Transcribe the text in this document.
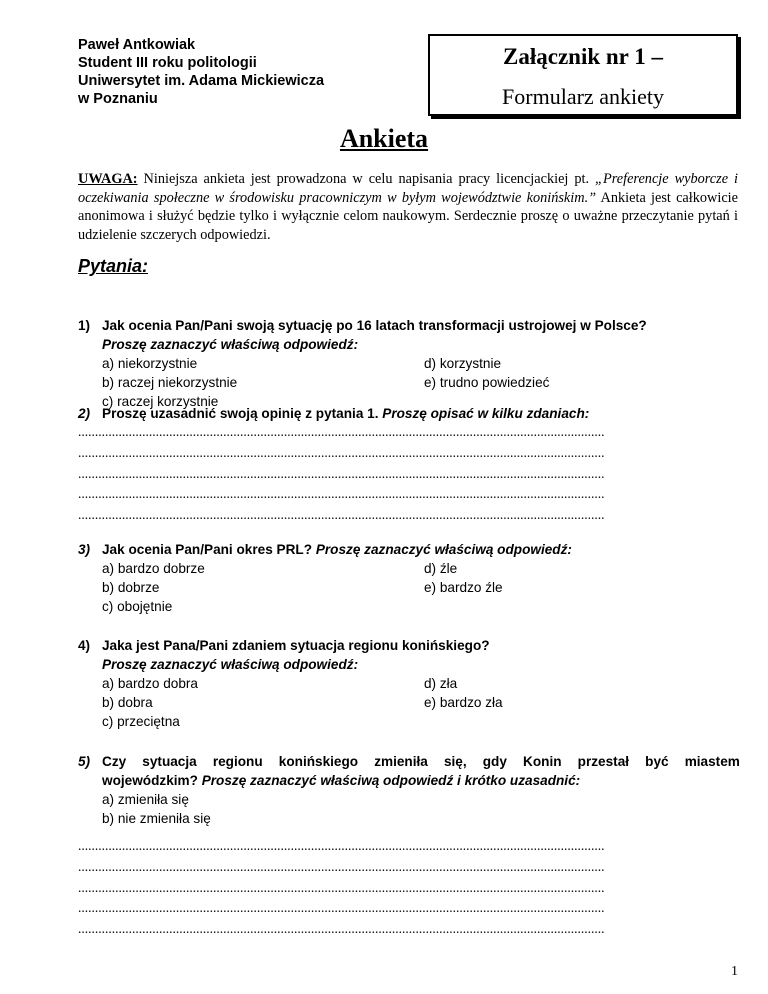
Paweł Antkowiak
Student III roku politologii
Uniwersytet im. Adama Mickiewicza
w Poznaniu
Załącznik nr 1 –
Formularz ankiety
Ankieta
UWAGA: Niniejsza ankieta jest prowadzona w celu napisania pracy licencjackiej pt. „Preferencje wyborcze i oczekiwania społeczne w środowisku pracowniczym w byłym województwie konińskim.” Ankieta jest całkowicie anonimowa i służyć będzie tylko i wyłącznie celom naukowym. Serdecznie proszę o uważne przeczytanie pytań i udzielenie szczerych odpowiedzi.
Pytania:
1) Jak ocenia Pan/Pani swoją sytuację po 16 latach transformacji ustrojowej w Polsce?
Proszę zaznaczyć właściwą odpowiedź:
a) niekorzystnie	d) korzystnie
b) raczej niekorzystnie	e) trudno powiedzieć
c) raczej korzystnie
2) Proszę uzasadnić swoją opinię z pytania 1. Proszę opisać w kilku zdaniach:
............................................................................................................................................................
............................................................................................................................................................
............................................................................................................................................................
............................................................................................................................................................
............................................................................................................................................................
3) Jak ocenia Pan/Pani okres PRL? Proszę zaznaczyć właściwą odpowiedź:
a) bardzo dobrze	d) źle
b) dobrze	e) bardzo źle
c) obojętnie
4) Jaka jest Pana/Pani zdaniem sytuacja regionu konińskiego?
Proszę zaznaczyć właściwą odpowiedź:
a) bardzo dobra	d) zła
b) dobra	e) bardzo zła
c) przeciętna
5) Czy sytuacja regionu konińskiego zmieniła się, gdy Konin przestał być miastem
wojewódzkim? Proszę zaznaczyć właściwą odpowiedź i krótko uzasadnić:
a) zmieniła się
b) nie zmieniła się
............................................................................................................................................................
............................................................................................................................................................
............................................................................................................................................................
............................................................................................................................................................
............................................................................................................................................................
1
